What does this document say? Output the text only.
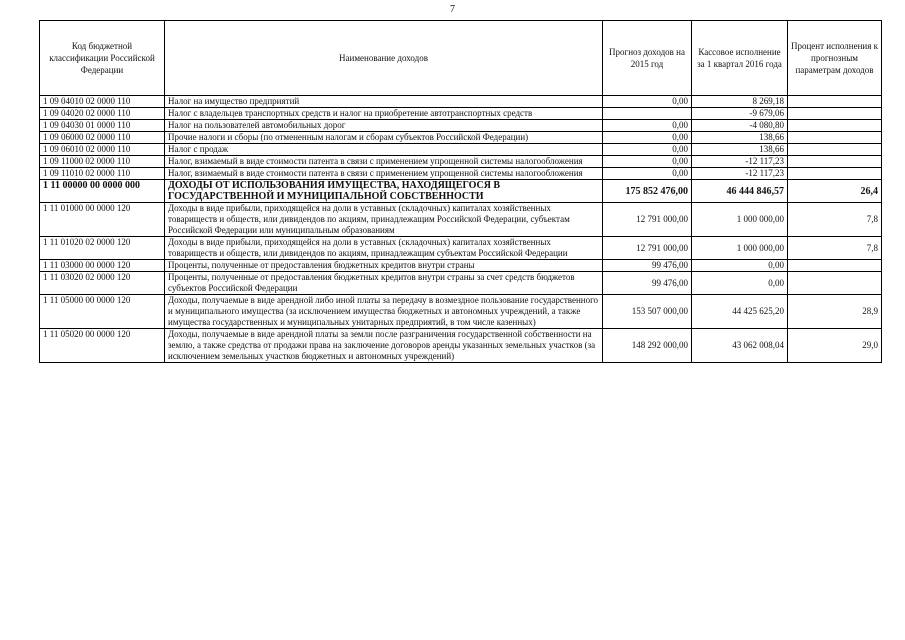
7
Код бюджетной классификации Российской Федерации	Наименование доходов	Прогноз доходов на 2015 год	Кассовое исполнение за 1 квартал 2016 года	Процент исполнения к прогнозным параметрам доходов
1 09 04010 02 0000 110	Налог на имущество предприятий	0,00	8 269,18	
1 09 04020 02 0000 110	Налог с владельцев транспортных средств и налог на приобретение автотранспортных средств		-9 679,06	
1 09 04030 01 0000 110	Налог на пользователей автомобильных дорог	0,00	-4 080,80	
1 09 06000 02 0000 110	Прочие налоги и сборы (по отмененным налогам и сборам субъектов Российской Федерации)	0,00	138,66	
1 09 06010 02 0000 110	Налог с продаж	0,00	138,66	
1 09 11000 02 0000 110	Налог, взимаемый в виде стоимости патента в связи с применением упрощенной системы налогообложения	0,00	-12 117,23	
1 09 11010 02 0000 110	Налог, взимаемый в виде стоимости патента в связи с применением упрощенной системы налогообложения	0,00	-12 117,23	
1 11 00000 00 0000 000	ДОХОДЫ ОТ ИСПОЛЬЗОВАНИЯ ИМУЩЕСТВА, НАХОДЯЩЕГОСЯ В ГОСУДАРСТВЕННОЙ И МУНИЦИПАЛЬНОЙ СОБСТВЕННОСТИ	175 852 476,00	46 444 846,57	26,4
1 11 01000 00 0000 120	Доходы в виде прибыли, приходящейся на доли в уставных (складочных) капиталах хозяйственных товариществ и обществ, или дивидендов по акциям, принадлежащим Российской Федерации, субъектам Российской Федерации или муниципальным образованиям	12 791 000,00	1 000 000,00	7,8
1 11 01020 02 0000 120	Доходы в виде прибыли, приходящейся на доли в уставных (складочных) капиталах хозяйственных товариществ и обществ, или дивидендов по акциям, принадлежащим субъектам Российской Федерации	12 791 000,00	1 000 000,00	7,8
1 11 03000 00 0000 120	Проценты, полученные от предоставления бюджетных кредитов внутри страны	99 476,00	0,00	
1 11 03020 02 0000 120	Проценты, полученные от предоставления бюджетных кредитов внутри страны за счет средств бюджетов субъектов Российской Федерации	99 476,00	0,00	
1 11 05000 00 0000 120	Доходы, получаемые в виде арендной либо иной платы за передачу в возмездное пользование государственного и муниципального имущества (за исключением имущества бюджетных и автономных учреждений, а также имущества государственных и муниципальных унитарных предприятий, в том числе казенных)	153 507 000,00	44 425 625,20	28,9
1 11 05020 00 0000 120	Доходы, получаемые в виде арендной платы за земли после разграничения государственной собственности на землю, а также средства от продажи права на заключение договоров аренды указанных земельных участков (за исключением земельных участков бюджетных и автономных учреждений)	148 292 000,00	43 062 008,04	29,0
